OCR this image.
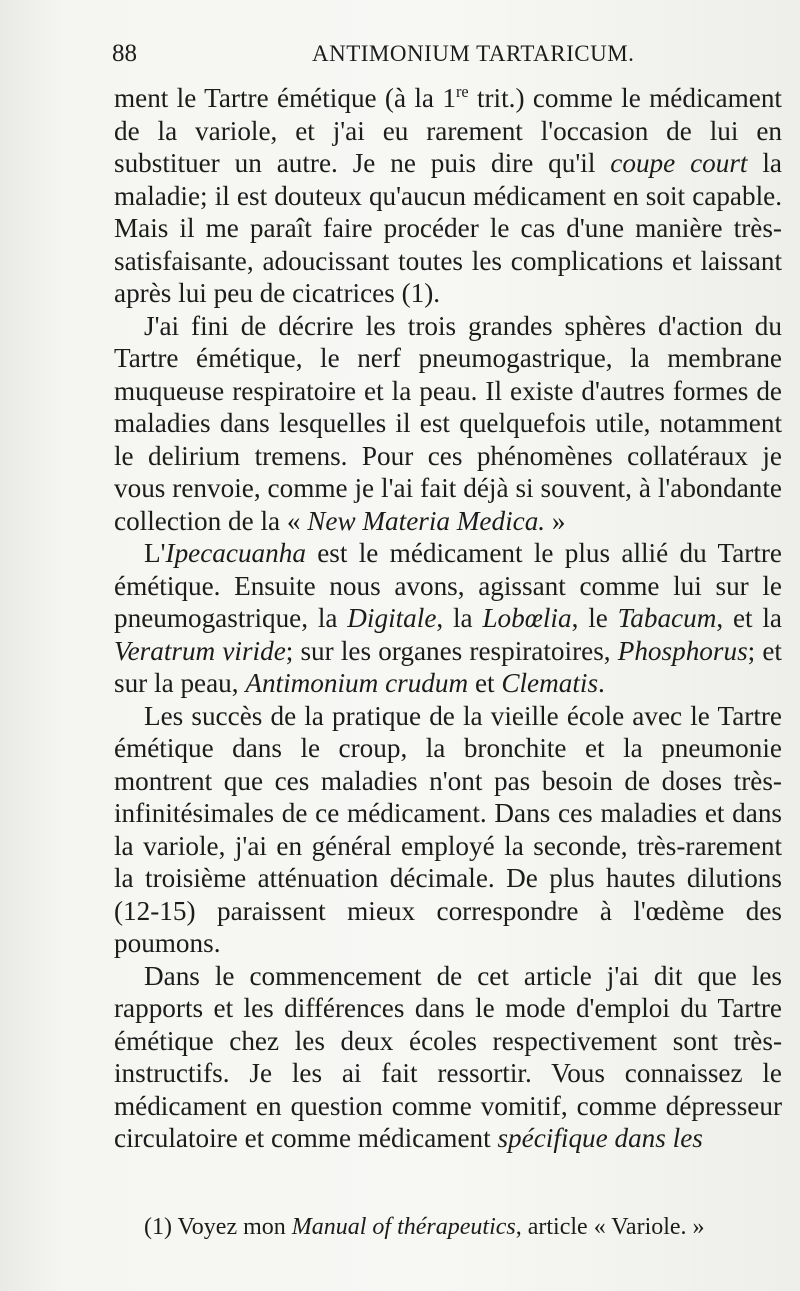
88	ANTIMONIUM TARTARICUM.

ment le Tartre émétique (à la 1re trit.) comme le médicament de la variole, et j'ai eu rarement l'occasion de lui en substituer un autre. Je ne puis dire qu'il coupe court la maladie; il est douteux qu'aucun médicament en soit capable. Mais il me paraît faire procéder le cas d'une manière très-satisfaisante, adoucissant toutes les complications et laissant après lui peu de cicatrices (1).

J'ai fini de décrire les trois grandes sphères d'action du Tartre émétique, le nerf pneumogastrique, la membrane muqueuse respiratoire et la peau. Il existe d'autres formes de maladies dans lesquelles il est quelquefois utile, notamment le delirium tremens. Pour ces phénomènes collatéraux je vous renvoie, comme je l'ai fait déjà si souvent, à l'abondante collection de la « New Materia Medica. »

L'Ipecacuanha est le médicament le plus allié du Tartre émétique. Ensuite nous avons, agissant comme lui sur le pneumogastrique, la Digitale, la Lobœlia, le Tabacum, et la Veratrum viride; sur les organes respiratoires, Phosphorus; et sur la peau, Antimonium crudum et Clematis.

Les succès de la pratique de la vieille école avec le Tartre émétique dans le croup, la bronchite et la pneumonie montrent que ces maladies n'ont pas besoin de doses très-infinitésimales de ce médicament. Dans ces maladies et dans la variole, j'ai en général employé la seconde, très-rarement la troisième atténuation décimale. De plus hautes dilutions (12-15) paraissent mieux correspondre à l'œdème des poumons.

Dans le commencement de cet article j'ai dit que les rapports et les différences dans le mode d'emploi du Tartre émétique chez les deux écoles respectivement sont très-instructifs. Je les ai fait ressortir. Vous connaissez le médicament en question comme vomitif, comme dépresseur circulatoire et comme médicament spécifique dans les

(1) Voyez mon Manual of thérapeutics, article « Variole. »
